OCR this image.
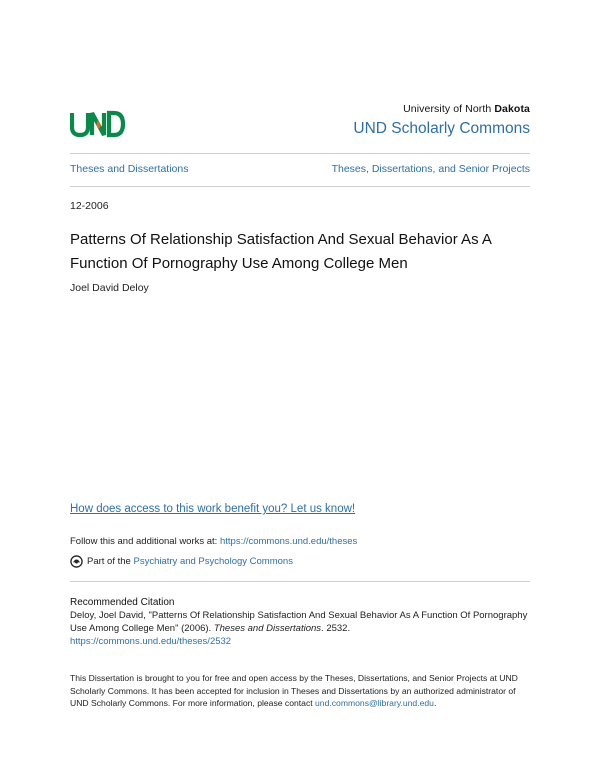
University of North Dakota
UND Scholarly Commons
Theses and Dissertations	Theses, Dissertations, and Senior Projects
12-2006
Patterns Of Relationship Satisfaction And Sexual Behavior As A Function Of Pornography Use Among College Men
Joel David Deloy
How does access to this work benefit you? Let us know!
Follow this and additional works at: https://commons.und.edu/theses
Part of the
Psychiatry and Psychology Commons
Recommended Citation
Deloy, Joel David, "Patterns Of Relationship Satisfaction And Sexual Behavior As A Function Of Pornography Use Among College Men" (2006). Theses and Dissertations. 2532.
https://commons.und.edu/theses/2532
This Dissertation is brought to you for free and open access by the Theses, Dissertations, and Senior Projects at UND Scholarly Commons. It has been accepted for inclusion in Theses and Dissertations by an authorized administrator of UND Scholarly Commons. For more information, please contact und.commons@library.und.edu.
